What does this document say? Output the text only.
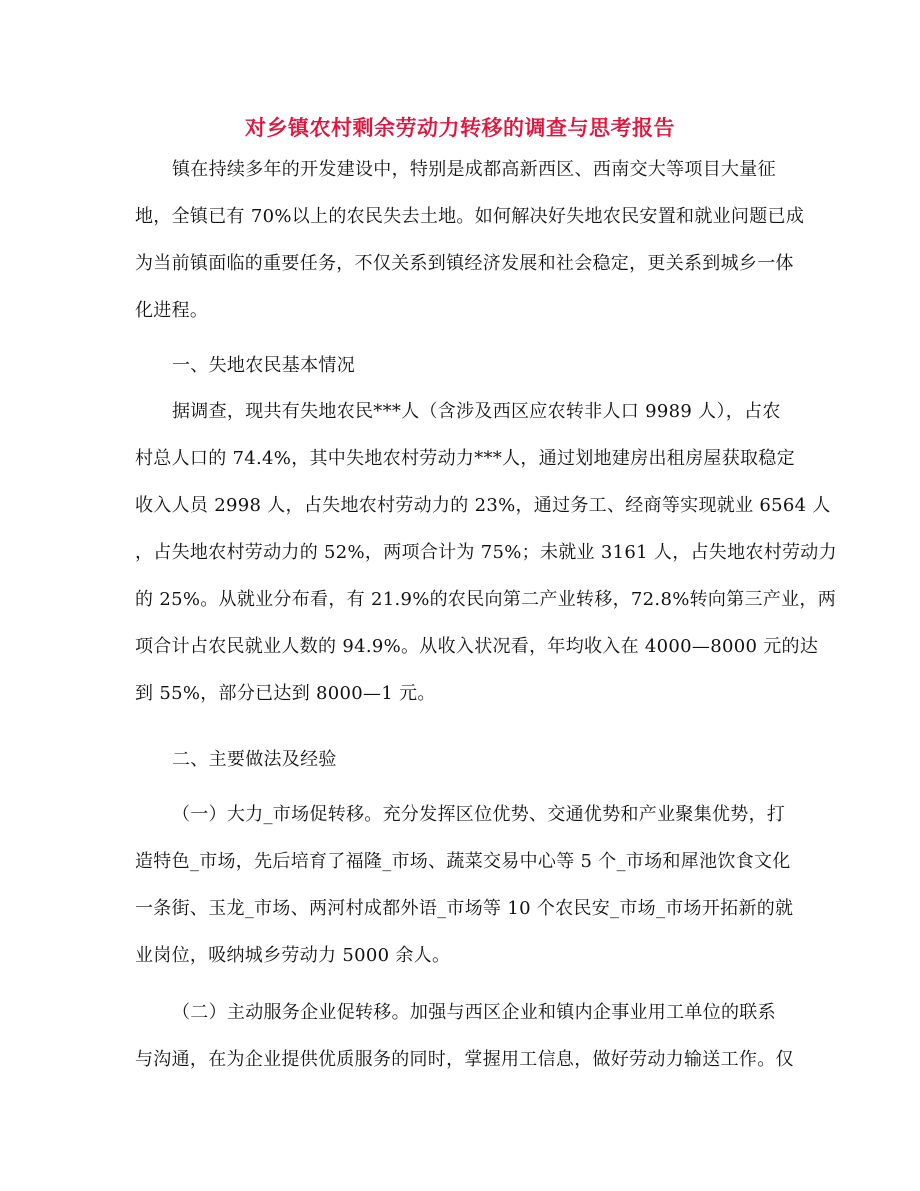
对乡镇农村剩余劳动力转移的调查与思考报告
镇在持续多年的开发建设中，特别是成都高新西区、西南交大等项目大量征
地，全镇已有 70%以上的农民失去土地。如何解决好失地农民安置和就业问题已成
为当前镇面临的重要任务，不仅关系到镇经济发展和社会稳定，更关系到城乡一体
化进程。
一、失地农民基本情况
据调查，现共有失地农民***人（含涉及西区应农转非人口 9989 人），占农
村总人口的 74.4%，其中失地农村劳动力***人，通过划地建房出租房屋获取稳定
收入人员 2998 人，占失地农村劳动力的 23%，通过务工、经商等实现就业 6564 人
，占失地农村劳动力的 52%，两项合计为 75%；未就业 3161 人，占失地农村劳动力
的 25%。从就业分布看，有 21.9%的农民向第二产业转移，72.8%转向第三产业，两
项合计占农民就业人数的 94.9%。从收入状况看，年均收入在 4000—8000 元的达
到 55%，部分已达到 8000—1 元。
二、主要做法及经验
（一）大力_市场促转移。充分发挥区位优势、交通优势和产业聚集优势，打
造特色_市场，先后培育了福隆_市场、蔬菜交易中心等 5 个_市场和犀池饮食文化
一条街、玉龙_市场、两河村成都外语_市场等 10 个农民安_市场_市场开拓新的就
业岗位，吸纳城乡劳动力 5000 余人。
（二）主动服务企业促转移。加强与西区企业和镇内企事业用工单位的联系
与沟通，在为企业提供优质服务的同时，掌握用工信息，做好劳动力输送工作。仅
